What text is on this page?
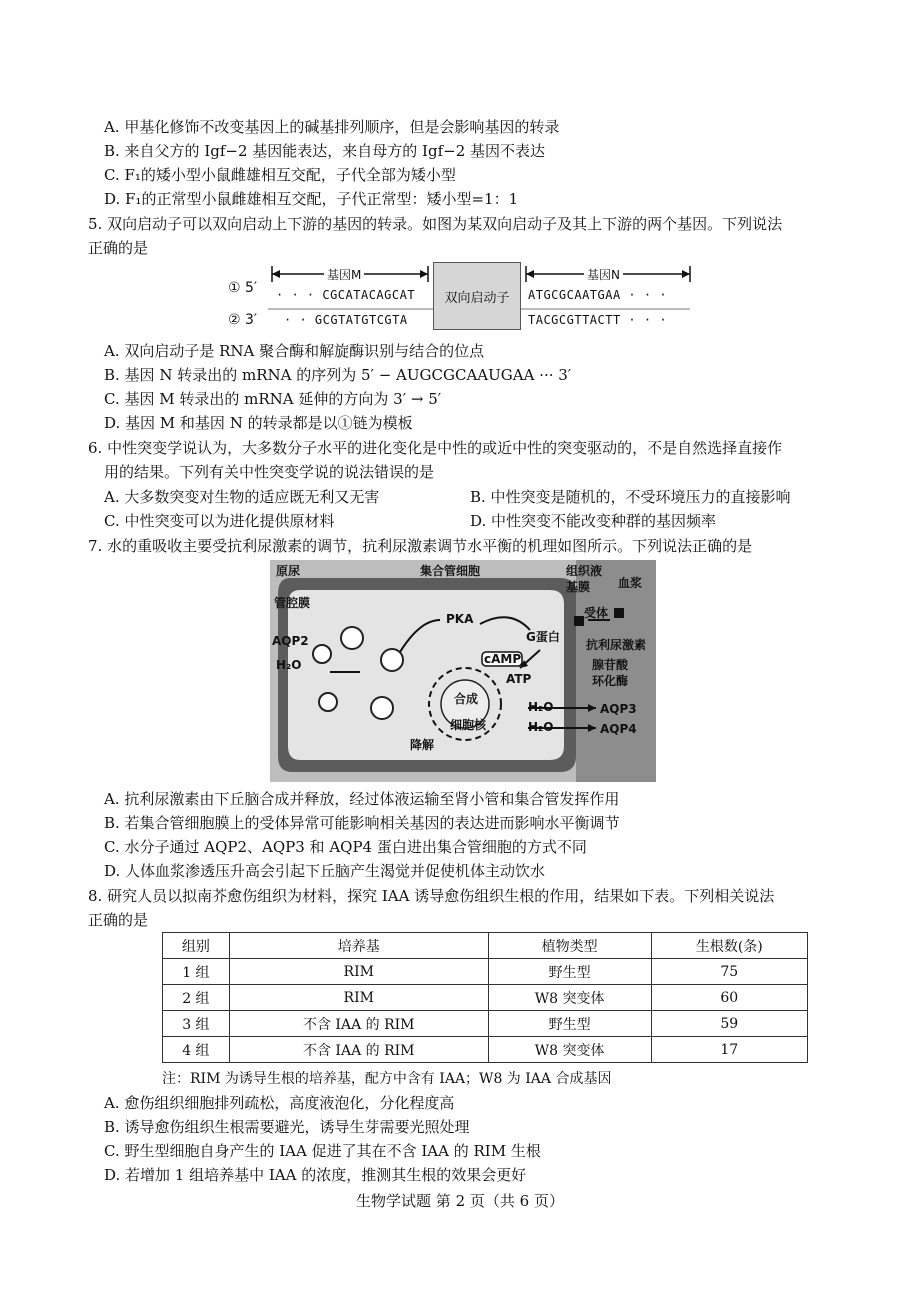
A. 甲基化修饰不改变基因上的碱基排列顺序，但是会影响基因的转录
B. 来自父方的 Igf−2 基因能表达，来自母方的 Igf−2 基因不表达
C. F₁的矮小型小鼠雌雄相互交配，子代全部为矮小型
D. F₁的正常型小鼠雌雄相互交配，子代正常型：矮小型=1：1
5. 双向启动子可以双向启动上下游的基因的转录。如图为某双向启动子及其上下游的两个基因。下列说法
正确的是
基因M	基因N
① 5′
② 3′
· · · CGCATACAGCAT
· · GCGTATGTCGTA
双向启动子 ATGCGCAATGAA · · ·
TACGCGTTACTT · · ·
A. 双向启动子是 RNA 聚合酶和解旋酶识别与结合的位点
B. 基因 N 转录出的 mRNA 的序列为 5′ − AUGCGCAAUGAA ··· 3′
C. 基因 M 转录出的 mRNA 延伸的方向为 3′ → 5′
D. 基因 M 和基因 N 的转录都是以①链为模板
6. 中性突变学说认为，大多数分子水平的进化变化是中性的或近中性的突变驱动的，不是自然选择直接作
用的结果。下列有关中性突变学说的说法错误的是
A. 大多数突变对生物的适应既无利又无害	B. 中性突变是随机的，不受环境压力的直接影响
C. 中性突变可以为进化提供原材料	D. 中性突变不能改变种群的基因频率
7. 水的重吸收主要受抗利尿激素的调节，抗利尿激素调节水平衡的机理如图所示。下列说法正确的是
原尿	集合管细胞	组织液
基膜 血浆
管腔膜
AQP2
H₂O
PKA
G蛋白
受体
抗利尿激素
cAMP
ATP
腺苷酸
环化酶
合成
细胞核
降解
H₂O
H₂O
AQP3
AQP4
A. 抗利尿激素由下丘脑合成并释放，经过体液运输至肾小管和集合管发挥作用
B. 若集合管细胞膜上的受体异常可能影响相关基因的表达进而影响水平衡调节
C. 水分子通过 AQP2、AQP3 和 AQP4 蛋白进出集合管细胞的方式不同
D. 人体血浆渗透压升高会引起下丘脑产生渴觉并促使机体主动饮水
8. 研究人员以拟南芥愈伤组织为材料，探究 IAA 诱导愈伤组织生根的作用，结果如下表。下列相关说法
正确的是
组别	培养基	植物类型	生根数(条)
1 组	RIM	野生型	75
2 组	RIM	W8 突变体	60
3 组	不含 IAA 的 RIM	野生型	59
4 组	不含 IAA 的 RIM	W8 突变体	17
注：RIM 为诱导生根的培养基，配方中含有 IAA；W8 为 IAA 合成基因
A. 愈伤组织细胞排列疏松，高度液泡化，分化程度高
B. 诱导愈伤组织生根需要避光，诱导生芽需要光照处理
C. 野生型细胞自身产生的 IAA 促进了其在不含 IAA 的 RIM 生根
D. 若增加 1 组培养基中 IAA 的浓度，推测其生根的效果会更好
生物学试题 第 2 页（共 6 页）
